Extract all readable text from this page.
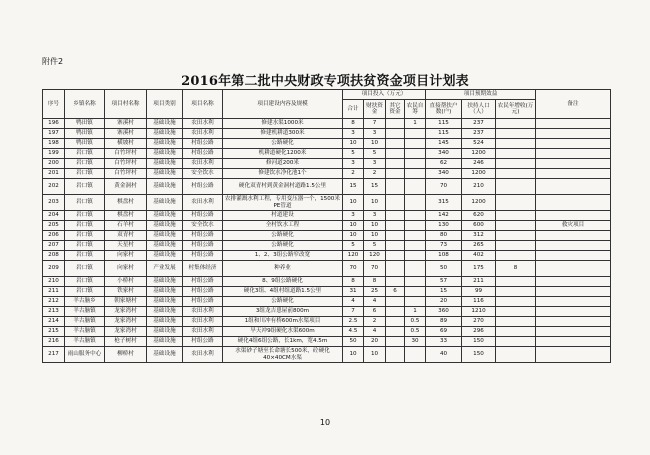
附件2
2016年第二批中央财政专项扶贫资金项目计划表
序号	乡镇名称	项目村名称	项目类别	项目名称	项目建设内容及规模	项目投入（万元）				项目预期效益			备注
						合计	财扶资金	其它资金	农民自筹	直接帮扶户数(户)	扶持人口（人）	农民年增收(万元)	
196	鸭田镇	寨溪村	基础设施	农田水利	修建水渠1000米	8	7		1	115	237		
197	鸭田镇	寨溪村	基础设施	农田水利	修建机耕道300米	3	3			115	237		
198	鸭田镇	横坡村	基础设施	村组公路	公路硬化	10	10			145	524		
199	岩口镇	白竹坪村	基础设施	村组公路	机耕道硬化1200米	5	5			340	1200		
200	岩口镇	白竹坪村	基础设施	农田水利	修河道200米	3	3			62	246		
201	岩口镇	白竹坪村	基础设施	安全饮水	修建饮水净化池1个	2	2			340	1200		
202	岩口镇	黄金洞村	基础设施	村组公路	硬化双青村到黄金洞村道路1.5公里	15	15			70	210		
203	岩口镇	棋盘村	基础设施	农田水利	农排灌溉水利工程，专用变压器一个，1500米PE管道	10	10			315	1200		
204	岩口镇	棋盘村	基础设施	村组公路	村道建设	3	3			142	620		
205	岩口镇	石羊村	基础设施	安全饮水	全村饮水工程	10	10			130	600		救灾项目
206	岩口镇	双青村	基础设施	村组公路	公路硬化	10	10			80	312		
207	岩口镇	天星村	基础设施	村组公路	公路硬化	5	5			73	265		
208	岩口镇	向家村	基础设施	村组公路	1、2、3组公路窄改宽	120	120			108	402		
209	岩口镇	向家村	产业发展	村集体经济	种养业	70	70			50	175	8	
210	岩口镇	小桥村	基础设施	村组公路	8、9组公路硬化	8	8			57	211		
211	岩口镇	铁家村	基础设施	村组公路	硬化3组、4组村组道路1.5公里	31	25	6		15	99		
212	羊古脑乡	朝家塘村	基础设施	村组公路	公路硬化	4	4			20	116		
213	羊古脑镇	龙家湾村	基础设施	农田水利	3组龙吉患屋前800m	7	6		1	360	1210		
214	羊古脑镇	龙家湾村	基础设施	农田水利	1组和川冲有桥600m水渠项目	2.5	2		0.5	89	270		
215	羊古脑镇	龙家湾村	基础设施	农田水利	旱天冲9组硬化水渠600m	4.5	4		0.5	69	296		
216	羊古脑镇	枪子树村	基础设施	村组公路	硬化4组6组公路，长1km，宽4.5m	50	20		30	33	150		
217	雨山服务中心	柳桥村	基础设施	农田水利	水渠砂子塘至长命塘长500米，砼硬化40×40CM水渠	10	10			40	150		
10
